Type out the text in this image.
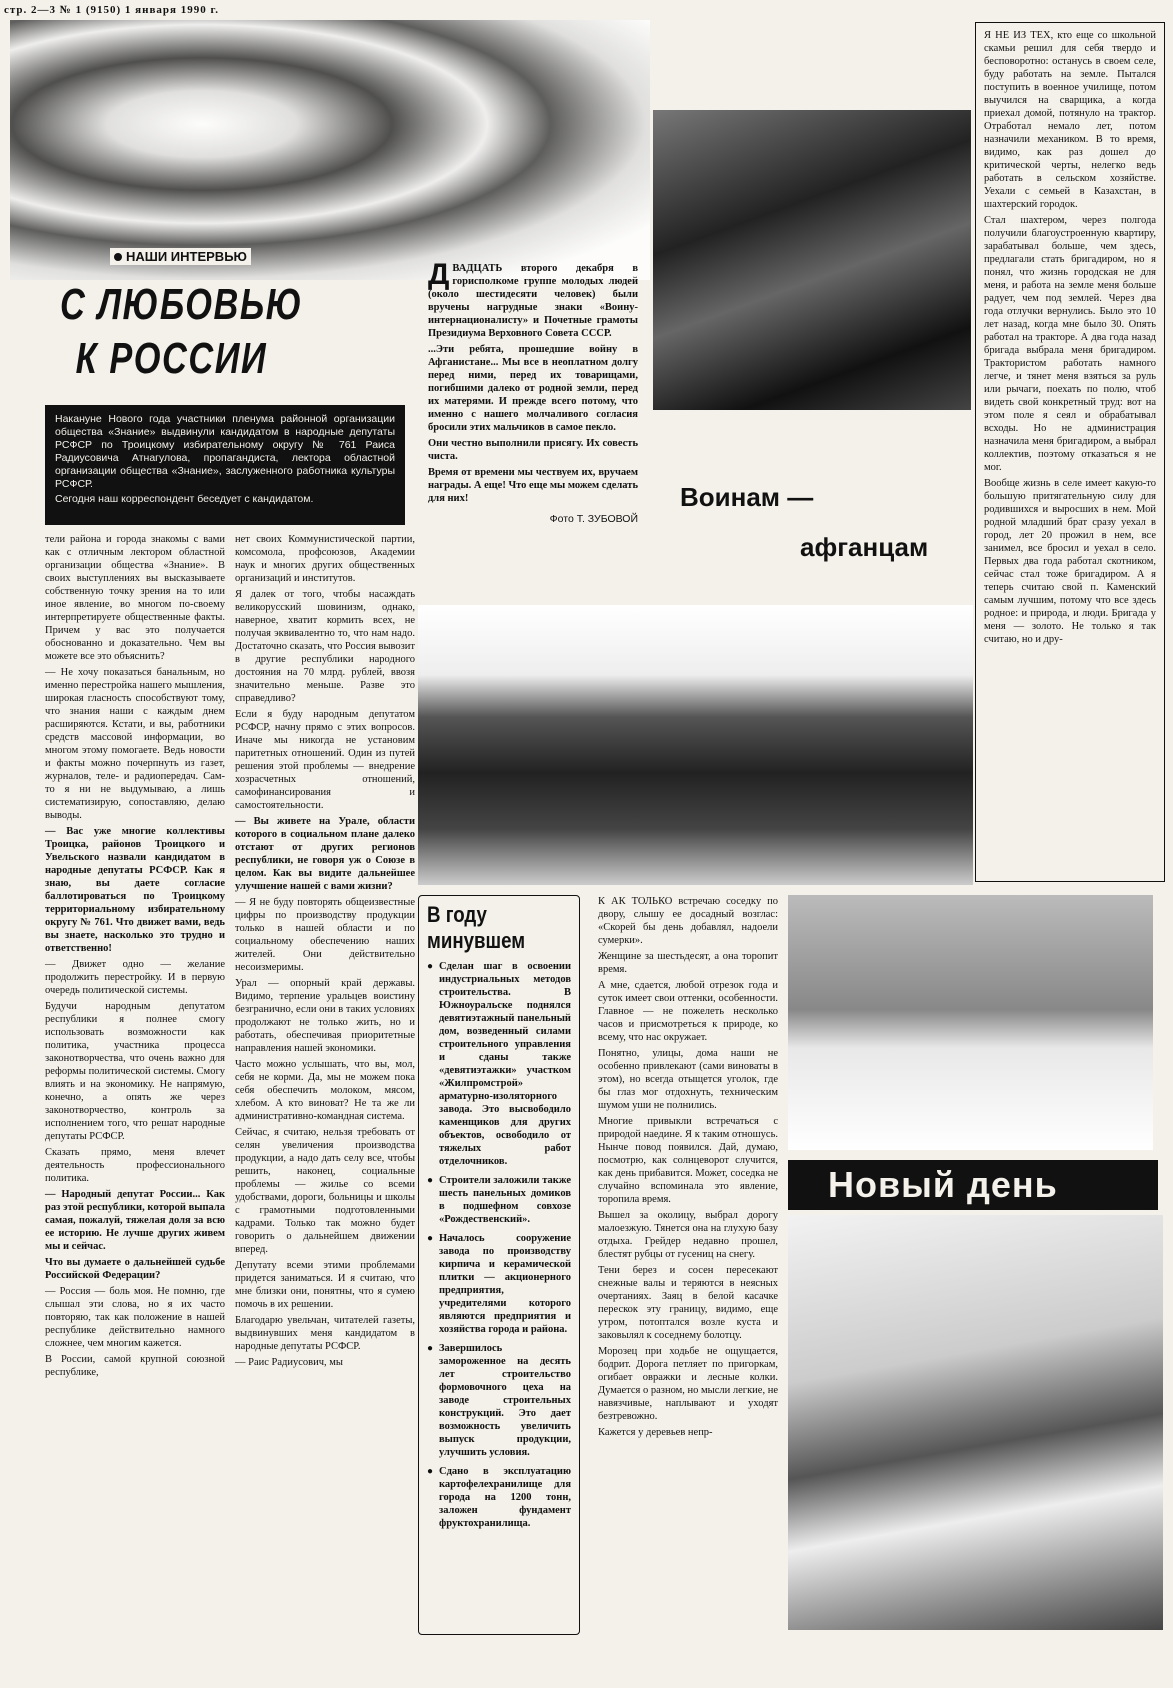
стр. 2—3 № 1 (9150) 1 января 1990 г.
НАШИ ИНТЕРВЬЮ
С ЛЮБОВЬЮ
К РОССИИ

Накануне Нового года участники пленума районной организации общества «Знание» выдвинули кандидатом в народные депутаты РСФСР по Троицкому избирательному округу № 761 Раиса Радиусовича Атнагулова, пропагандиста, лектора областной организации общества «Знание», заслуженного работника культуры РСФСР.

Сегодня наш корреспондент беседует с кандидатом.

тели района и города знакомы с вами как с отличным лектором областной организации общества «Знание». В своих выступлениях вы высказываете собственную точку зрения на то или иное явление, во многом по-своему интерпретируете общественные факты. Причем у вас это получается обоснованно и доказательно. Чем вы можете все это объяснить?

— Не хочу показаться банальным, но именно перестройка нашего мышления, широкая гласность способствуют тому, что знания наши с каждым днем расширяются. Кстати, и вы, работники средств массовой информации, во многом этому помогаете. Ведь новости и факты можно почерпнуть из газет, журналов, теле- и радиопередач. Сам-то я ни не выдумываю, а лишь систематизирую, сопоставляю, делаю выводы.

— Вас уже многие коллективы Троицка, районов Троицкого и Увельского назвали кандидатом в народные депутаты РСФСР. Как я знаю, вы даете согласие баллотироваться по Троицкому территориальному избирательному округу № 761. Что движет вами, ведь вы знаете, насколько это трудно и ответственно!

— Движет одно — желание продолжить перестройку. И в первую очередь политической системы.

Будучи народным депутатом республики я полнее смогу использовать возможности как политика, участника процесса законотворчества, что очень важно для реформы политической системы. Смогу влиять и на экономику. Не напрямую, конечно, а опять же через законотворчество, контроль за исполнением того, что решат народные депутаты РСФСР.

Сказать прямо, меня влечет деятельность профессионального политика.

— Народный депутат России... Как раз этой республики, которой выпала самая, пожалуй, тяжелая доля за всю ее историю. Не лучше других живем мы и сейчас.

Что вы думаете о дальнейшей судьбе Российской Федерации?

— Россия — боль моя. Не помню, где слышал эти слова, но я их часто повторяю, так как положение в нашей республике действительно намного сложнее, чем многим кажется.

В России, самой крупной союзной республике,

нет своих Коммунистической партии, комсомола, профсоюзов, Академии наук и многих других общественных организаций и институтов.

Я далек от того, чтобы насаждать великорусский шовинизм, однако, наверное, хватит кормить всех, не получая эквивалентно то, что нам надо. Достаточно сказать, что Россия вывозит в другие республики народного достояния на 70 млрд. рублей, ввозя значительно меньше. Разве это справедливо?

Если я буду народным депутатом РСФСР, начну прямо с этих вопросов. Иначе мы никогда не установим паритетных отношений. Один из путей решения этой проблемы — внедрение хозрасчетных отношений, самофинансирования и самостоятельности.

— Вы живете на Урале, области которого в социальном плане далеко отстают от других регионов республики, не говоря уж о Союзе в целом. Как вы видите дальнейшее улучшение нашей с вами жизни?

— Я не буду повторять общеизвестные цифры по производству продукции только в нашей области и по социальному обеспечению наших жителей. Они действительно несоизмеримы.

Урал — опорный край державы. Видимо, терпение уральцев воистину безгранично, если они в таких условиях продолжают не только жить, но и работать, обеспечивая приоритетные направления нашей экономики.

Часто можно услышать, что вы, мол, себя не корми. Да, мы не можем пока себя обеспечить молоком, мясом, хлебом. А кто виноват? Не та же ли административно-командная система.

Сейчас, я считаю, нельзя требовать от селян увеличения производства продукции, а надо дать селу все, чтобы решить, наконец, социальные проблемы — жилье со всеми удобствами, дороги, больницы и школы с грамотными подготовленными кадрами. Только так можно будет говорить о дальнейшем движении вперед.

Депутату всеми этими проблемами придется заниматься. И я считаю, что мне близки они, понятны, что я сумею помочь в их решении.

Благодарю увельчан, читателей газеты, выдвинувших меня кандидатом в народные депутаты РСФСР.

— Раис Радиусович, мы

ДВАДЦАТЬ второго декабря в горисполкоме группе молодых людей (около шестидесяти человек) были вручены нагрудные знаки «Воину-интернационалисту» и Почетные грамоты Президиума Верховного Совета СССР.

...Эти ребята, прошедшие войну в Афганистане... Мы все в неоплатном долгу перед ними, перед их товарищами, погибшими далеко от родной земли, перед их матерями. И прежде всего потому, что именно с нашего молчаливого согласия бросили этих мальчиков в самое пекло.

Они честно выполнили присягу. Их совесть чиста.

Время от времени мы чествуем их, вручаем награды. А еще! Что еще мы можем сделать для них!

Фото Т. ЗУБОВОЙ

Воинам —
афганцам

Я НЕ ИЗ ТЕХ, кто еще со школьной скамьи решил для себя твердо и бесповоротно: останусь в своем селе, буду работать на земле. Пытался поступить в военное училище, потом выучился на сварщика, а когда приехал домой, потянуло на трактор. Отработал немало лет, потом назначили механиком. В то время, видимо, как раз дошел до критической черты, нелегко ведь работать в сельском хозяйстве. Уехали с семьей в Казахстан, в шахтерский городок.

Стал шахтером, через полгода получили благоустроенную квартиру, зарабатывал больше, чем здесь, предлагали стать бригадиром, но я понял, что жизнь городская не для меня, и работа на земле меня больше радует, чем под землей. Через два года отлучки вернулись. Было это 10 лет назад, когда мне было 30. Опять работал на тракторе. А два года назад бригада выбрала меня бригадиром. Трактористом работать намного легче, и тянет меня взяться за руль или рычаги, поехать по полю, чтоб видеть свой конкретный труд: вот на этом поле я сеял и обрабатывал всходы. Но не администрация назначила меня бригадиром, а выбрал коллектив, поэтому отказаться я не мог.

Вообще жизнь в селе имеет какую-то большую притягательную силу для родившихся и выросших в нем. Мой родной младший брат сразу уехал в город, лет 20 прожил в нем, все занимел, все бросил и уехал в село. Первых два года работал скотником, сейчас стал тоже бригадиром. А я теперь считаю свой п. Каменский самым лучшим, потому что все здесь родное: и природа, и люди. Бригада у меня — золото. Не только я так считаю, но и дру-

В году
минувшем
● Сделан шаг в освоении индустриальных методов строительства. В Южноуральске поднялся девятиэтажный панельный дом, возведенный силами строительного управления и сданы также «девятиэтажки» участком «Жилпромстрой» арматурно-изоляторного завода. Это высвободило каменщиков для других объектов, освободило от тяжелых работ отделочников.
● Строители заложили также шесть панельных домиков в подшефном совхозе «Рождественский».
● Началось сооружение завода по производству кирпича и керамической плитки — акционерного предприятия, учредителями которого являются предприятия и хозяйства города и района.
● Завершилось замороженное на десять лет строительство формовочного цеха на заводе строительных конструкций. Это дает возможность увеличить выпуск продукции, улучшить условия.
● Сдано в эксплуатацию картофелехранилище для города на 1200 тонн, заложен фундамент фруктохранилища.

К АК ТОЛЬКО встречаю соседку по двору, слышу ее досадный возглас: «Скорей бы день добавлял, надоели сумерки».

Женщине за шестьдесят, а она торопит время.

А мне, сдается, любой отрезок года и суток имеет свои оттенки, особенности. Главное — не пожелеть несколько часов и присмотреться к природе, ко всему, что нас окружает.

Понятно, улицы, дома наши не особенно привлекают (сами виноваты в этом), но всегда отыщется уголок, где бы глаз мог отдохнуть, техническим шумом уши не полнились.

Многие привыкли встречаться с природой наедине. Я к таким отношусь. Нынче повод появился. Дай, думаю, посмотрю, как солнцеворот случится, как день прибавится. Может, соседка не случайно вспоминала это явление, торопила время.

Вышел за околицу, выбрал дорогу малоезжую. Тянется она на глухую базу отдыха. Грейдер недавно прошел, блестят рубцы от гусениц на снегу.

Тени берез и сосен пересекают снежные валы и теряются в неясных очертаниях. Заяц в белой касачке перескок эту границу, видимо, еще утром, потоптался возле куста и заковылял к соседнему болотцу.

Морозец при ходьбе не ощущается, бодрит. Дорога петляет по пригоркам, огибает овражки и лесные колки. Думается о разном, но мысли легкие, не навязчивые, наплывают и уходят безтревожно.

Кажется у деревьев непр-

Новый день
